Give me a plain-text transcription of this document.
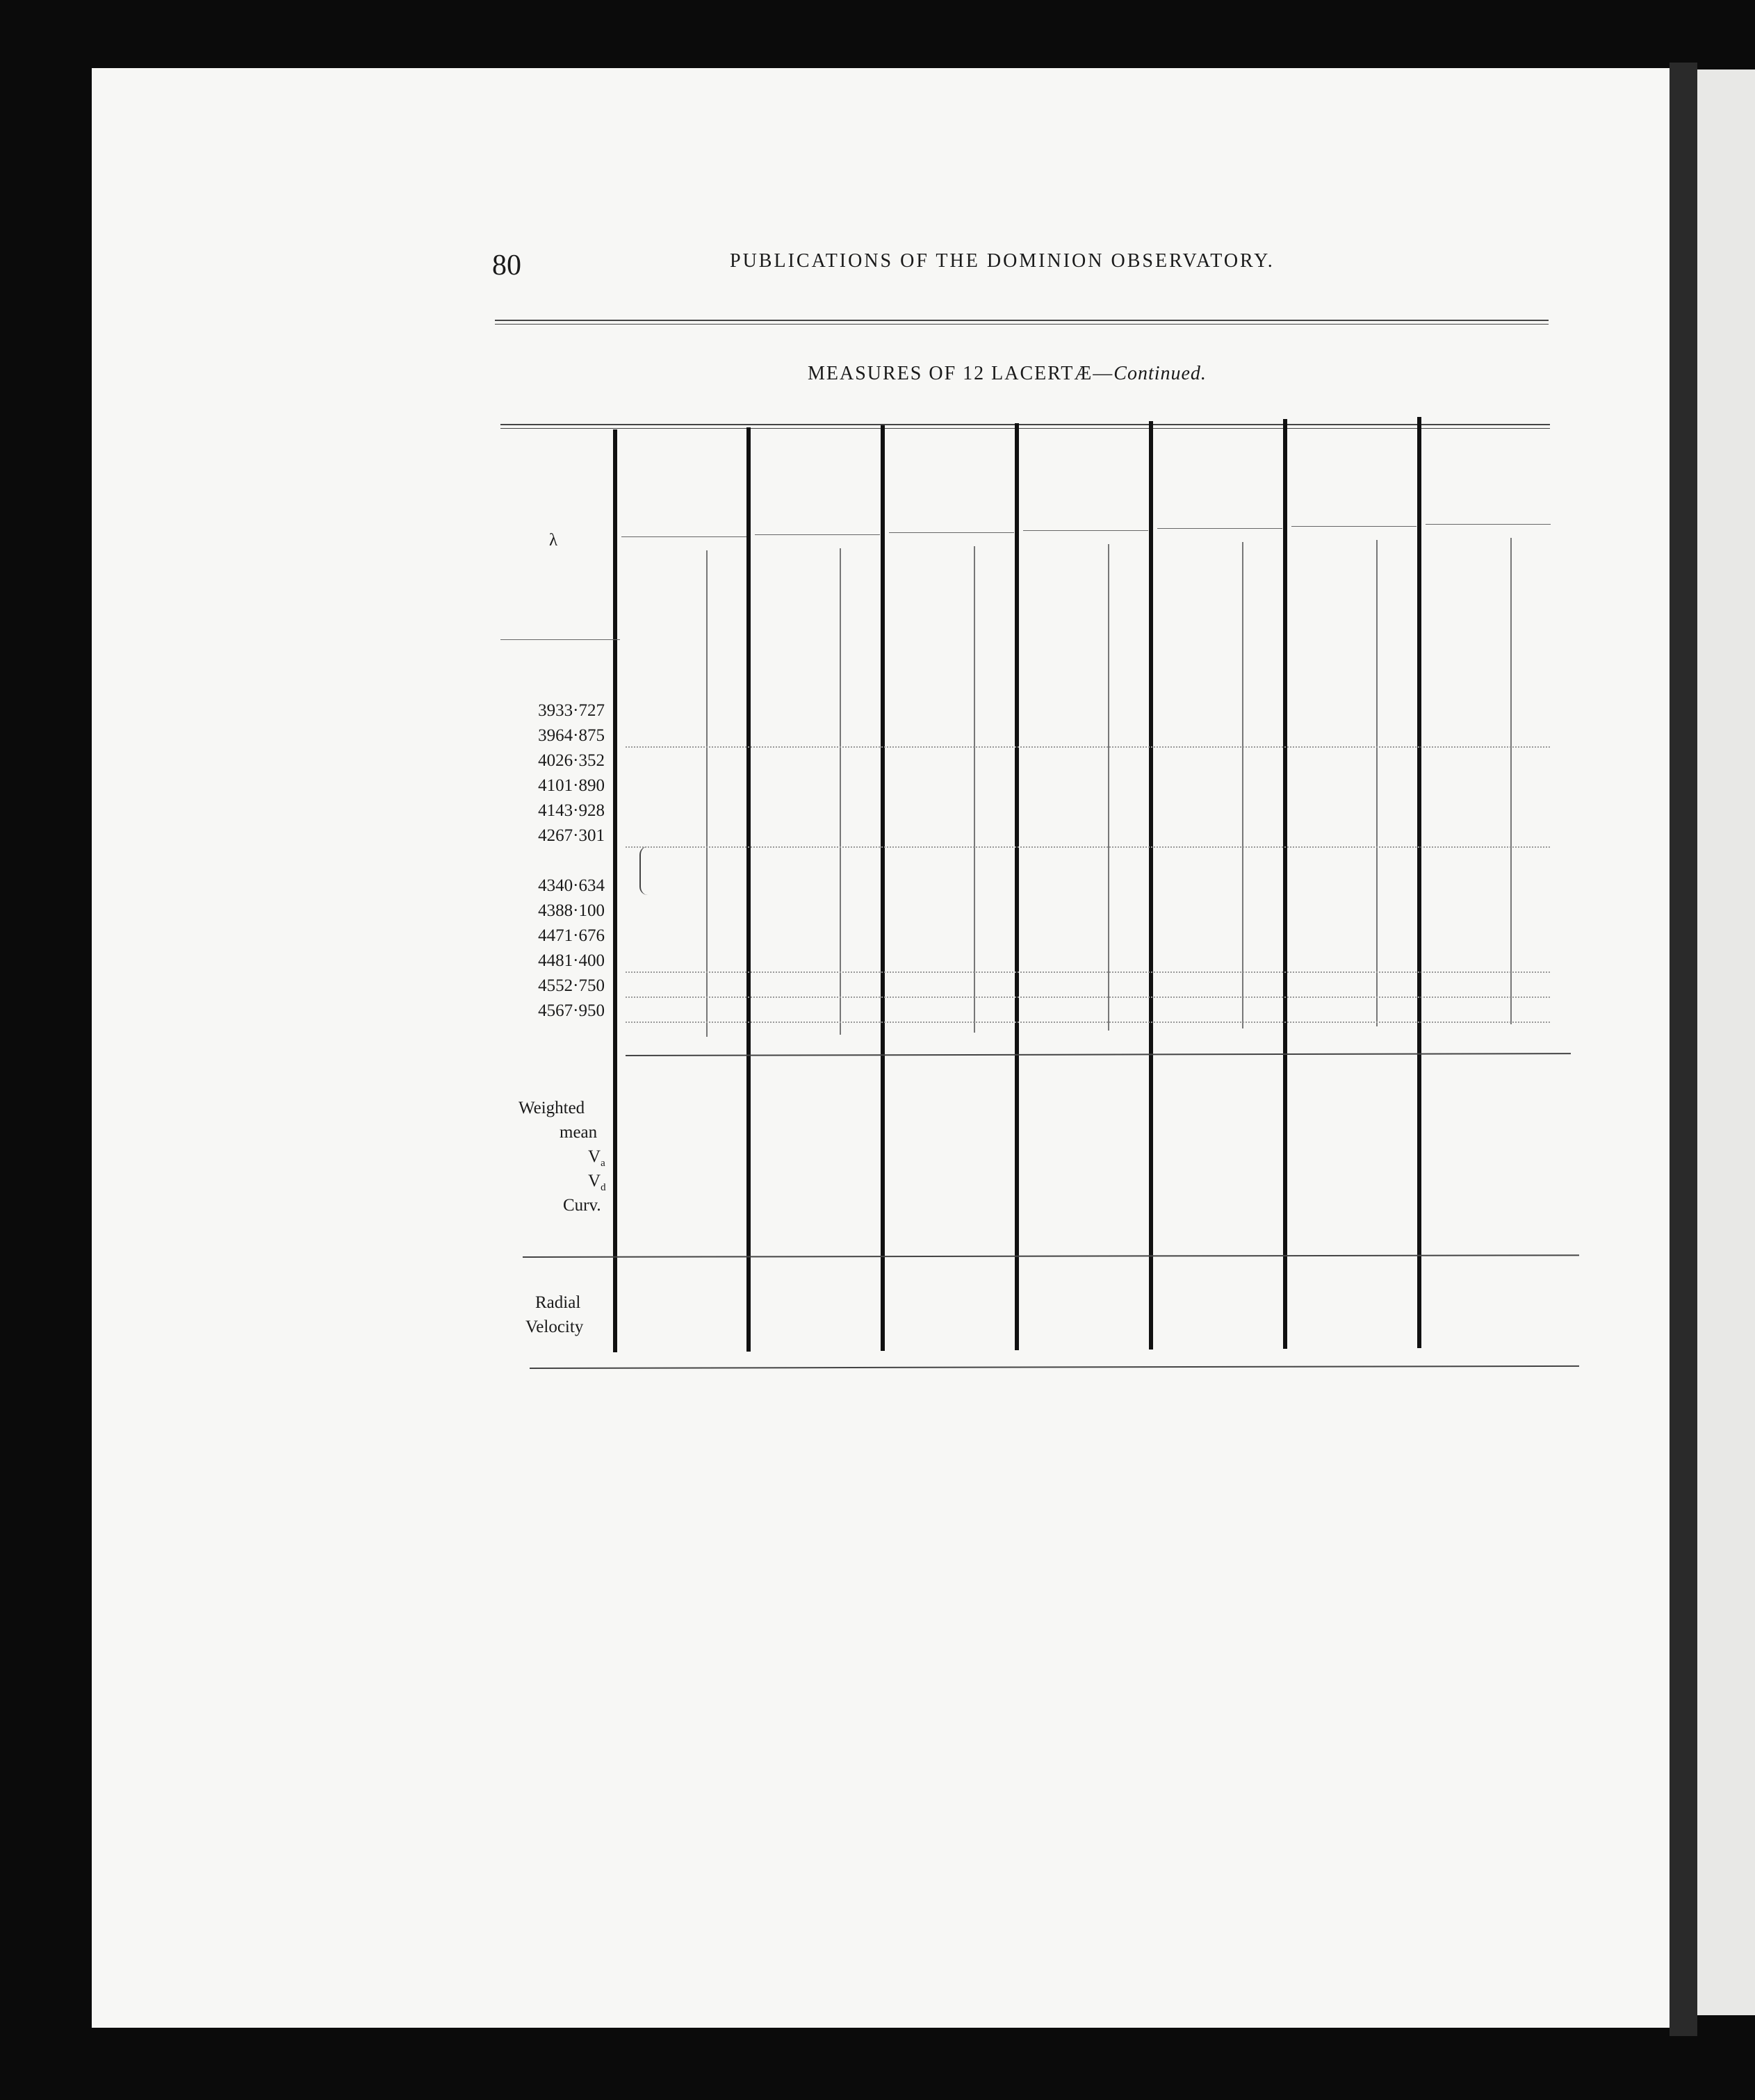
80	PUBLICATIONS OF THE DOMINION OBSERVATORY.
MEASURES OF 12 LACERTÆ—Continued.
3933·727
3964·875
4026·352
4101·890
4143·928
4267·301
4340·634
4388·100
4471·676
4481·400
4552·750
4567·950
λ
Weighted
mean
$V_a$
$V_d$
Curv.
Radial
Velocity
